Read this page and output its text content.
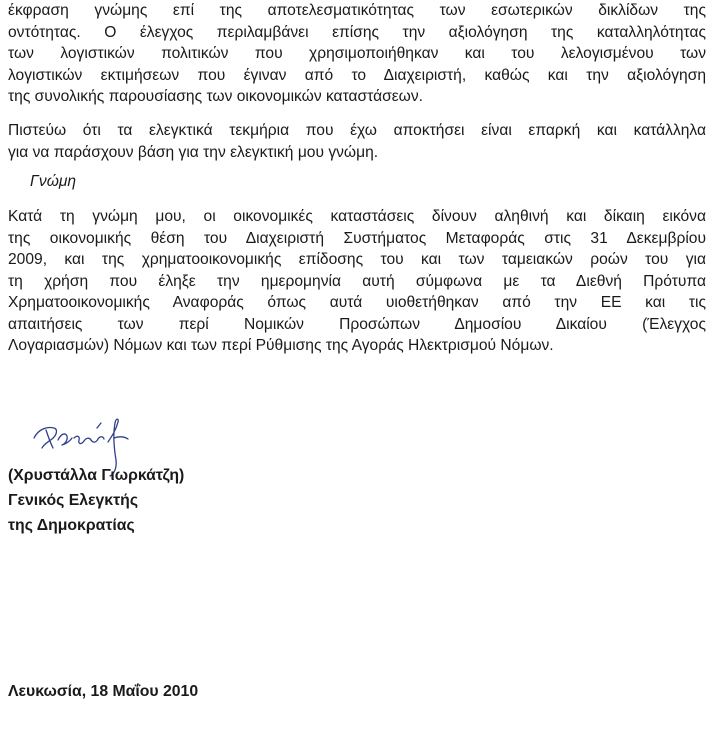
έκφραση γνώμης επί της αποτελεσματικότητας των εσωτερικών δικλίδων της
οντότητας. Ο έλεγχος περιλαμβάνει επίσης την αξιολόγηση της καταλληλότητας
των λογιστικών πολιτικών που χρησιμοποιήθηκαν και του λελογισμένου των
λογιστικών εκτιμήσεων που έγιναν από το Διαχειριστή, καθώς και την αξιολόγηση
της συνολικής παρουσίασης των οικονομικών καταστάσεων.
Πιστεύω ότι τα ελεγκτικά τεκμήρια που έχω αποκτήσει είναι επαρκή και κατάλληλα
για να παράσχουν βάση για την ελεγκτική μου γνώμη.

Γνώμη

Κατά τη γνώμη μου, οι οικονομικές καταστάσεις δίνουν αληθινή και δίκαιη εικόνα
της οικονομικής θέση του Διαχειριστή Συστήματος Μεταφοράς στις 31 Δεκεμβρίου
2009, και της χρηματοοικονομικής επίδοσης του και των ταμειακών ροών του για
τη χρήση που έληξε την ημερομηνία αυτή σύμφωνα με τα Διεθνή Πρότυπα
Χρηματοοικονομικής Αναφοράς όπως αυτά υιοθετήθηκαν από την ΕΕ και τις
απαιτήσεις των περί Νομικών Προσώπων Δημοσίου Δικαίου (Έλεγχος
Λογαριασμών) Νόμων και των περί Ρύθμισης της Αγοράς Ηλεκτρισμού Νόμων.
(Χρυστάλλα Γιωρκάτζη)
Γενικός Ελεγκτής
της Δημοκρατίας

Λευκωσία, 18 Μαΐου 2010
